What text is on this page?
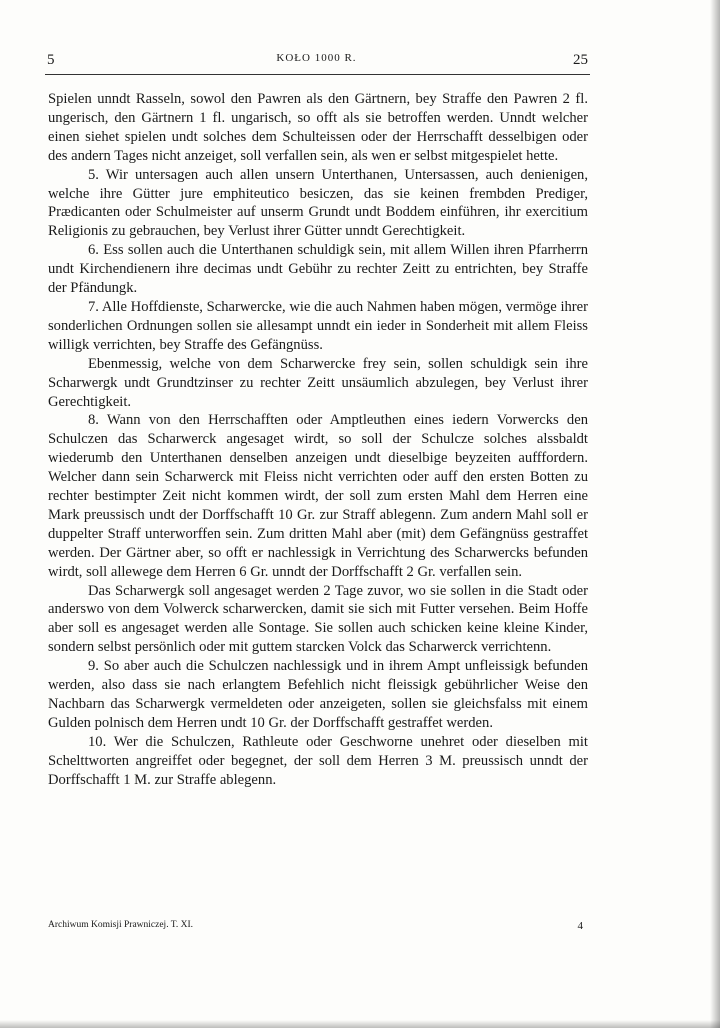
5	KOŁO 1000 R.	25

Spielen unndt Rasseln, sowol den Pawren als den Gärtnern, bey Straffe den Pawren 2 fl. ungerisch, den Gärtnern 1 fl. ungarisch, so offt als sie betroffen werden. Unndt welcher einen siehet spielen undt solches dem Schulteissen oder der Herrschafft desselbigen oder des andern Tages nicht anzeiget, soll verfallen sein, als wen er selbst mitgespielet hette.

5. Wir untersagen auch allen unsern Unterthanen, Untersassen, auch denienigen, welche ihre Gütter jure emphiteutico besiczen, das sie keinen frembden Prediger, Prædicanten oder Schulmeister auf unserm Grundt undt Boddem einführen, ihr exercitium Religionis zu gebrauchen, bey Verlust ihrer Gütter unndt Gerechtigkeit.

6. Ess sollen auch die Unterthanen schuldigk sein, mit allem Willen ihren Pfarrherrn undt Kirchendienern ihre decimas undt Gebühr zu rechter Zeitt zu entrichten, bey Straffe der Pfändungk.

7. Alle Hoffdienste, Scharwercke, wie die auch Nahmen haben mögen, vermöge ihrer sonderlichen Ordnungen sollen sie allesampt unndt ein ieder in Sonderheit mit allem Fleiss willigk verrichten, bey Straffe des Gefängnüss.

Ebenmessig, welche von dem Scharwercke frey sein, sollen schuldigk sein ihre Scharwergk undt Grundtzinser zu rechter Zeitt unsäumlich abzulegen, bey Verlust ihrer Gerechtigkeit.

8. Wann von den Herrschafften oder Amptleuthen eines iedern Vorwercks den Schulczen das Scharwerck angesaget wirdt, so soll der Schulcze solches alssbaldt wiederumb den Unterthanen denselben anzeigen undt dieselbige beyzeiten aufffordern. Welcher dann sein Scharwerck mit Fleiss nicht verrichten oder auff den ersten Botten zu rechter bestimpter Zeit nicht kommen wirdt, der soll zum ersten Mahl dem Herren eine Mark preussisch undt der Dorffschafft 10 Gr. zur Straff ablegenn. Zum andern Mahl soll er duppelter Straff unterworffen sein. Zum dritten Mahl aber (mit) dem Gefängnüss gestraffet werden. Der Gärtner aber, so offt er nachlessigk in Verrichtung des Scharwercks befunden wirdt, soll allewege dem Herren 6 Gr. unndt der Dorffschafft 2 Gr. verfallen sein.

Das Scharwergk soll angesaget werden 2 Tage zuvor, wo sie sollen in die Stadt oder anderswo von dem Volwerck scharwercken, damit sie sich mit Futter versehen. Beim Hoffe aber soll es angesaget werden alle Sontage. Sie sollen auch schicken keine kleine Kinder, sondern selbst persönlich oder mit guttem starcken Volck das Scharwerck verrichtenn.

9. So aber auch die Schulczen nachlessigk und in ihrem Ampt unfleissigk befunden werden, also dass sie nach erlangtem Befehlich nicht fleissigk gebührlicher Weise den Nachbarn das Scharwergk vermeldeten oder anzeigeten, sollen sie gleichsfalss mit einem Gulden polnisch dem Herren undt 10 Gr. der Dorffschafft gestraffet werden.

10. Wer die Schulczen, Rathleute oder Geschworne unehret oder dieselben mit Schelttworten angreiffet oder begegnet, der soll dem Herren 3 M. preussisch unndt der Dorffschafft 1 M. zur Straffe ablegenn.

Archiwum Komisji Prawniczej. T. XI.	4
